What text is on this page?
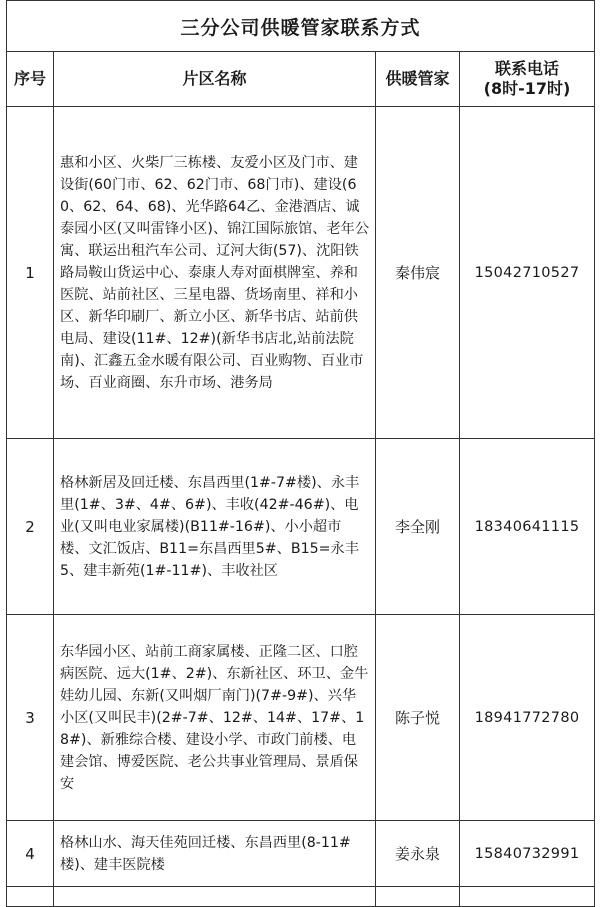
三分公司供暖管家联系方式			
序号	片区名称	供暖管家	联系电话
(8时-17时)

1	惠和小区、火柴厂三栋楼、友爱小区及门市、建设街(60门市、62、62门市、68门市)、建设(60、62、64、68)、光华路64乙、金港酒店、诚泰园小区(又叫雷锋小区)、锦江国际旅馆、老年公寓、联运出租汽车公司、辽河大街(57)、沈阳铁路局鞍山货运中心、泰康人寿对面棋牌室、养和医院、站前社区、三星电器、货场南里、祥和小区、新华印刷厂、新立小区、新华书店、站前供电局、建设(11#、12#)(新华书店北,站前法院南)、汇鑫五金水暖有限公司、百业购物、百业市场、百业商圈、东升市场、港务局	秦伟宸	15042710527
2	格林新居及回迁楼、东昌西里(1#-7#楼)、永丰里(1#、3#、4#、6#)、丰收(42#-46#)、电业(又叫电业家属楼)(B11#-16#)、小小超市楼、文汇饭店、B11=东昌西里5#、B15=永丰5、建丰新苑(1#-11#)、丰收社区	李全刚	18340641115
3	东华园小区、站前工商家属楼、正隆二区、口腔病医院、远大(1#、2#)、东新社区、环卫、金牛娃幼儿园、东新(又叫烟厂南门)(7#-9#)、兴华小区(又叫民丰)(2#-7#、12#、14#、17#、18#)、新雅综合楼、建设小学、市政门前楼、电建会馆、博爱医院、老公共事业管理局、景盾保安	陈子悦	18941772780
4	格林山水、海天佳苑回迁楼、东昌西里(8-11#楼)、建丰医院楼	姜永泉	15840732991
